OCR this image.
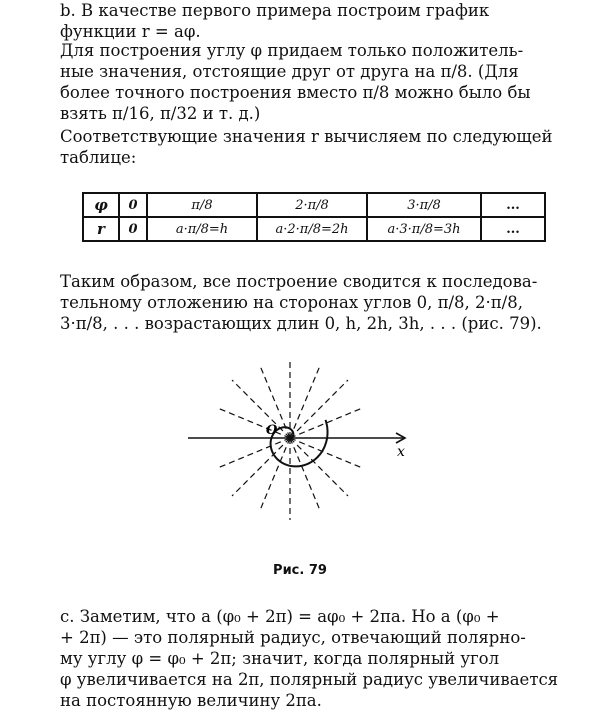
b. В качестве первого примера построим график
функции r = aφ.

Для построения углу φ придаем только положитель-
ные значения, отстоящие друг от друга на π/8. (Для
более точного построения вместо π/8 можно было бы
взять π/16, π/32 и т. д.)

Соответствующие значения r вычисляем по следующей
таблице:

φ	0	π/8	2·π/8	3·π/8	...
r	0	a·π/8=h	a·2·π/8=2h	a·3·π/8=3h	...

Таким образом, все построение сводится к последова-
тельному отложению на сторонах углов 0, π/8, 2·π/8,
3·π/8, . . . возрастающих длин 0, h, 2h, 3h, . . . (рис. 79).

O
x
Рис. 79

c. Заметим, что a (φ₀ + 2π) = aφ₀ + 2πa. Но a (φ₀ +
+ 2π) — это полярный радиус, отвечающий полярно-
му углу φ = φ₀ + 2π; значит, когда полярный угол
φ увеличивается на 2π, полярный радиус увеличивается
на постоянную величину 2πa.
